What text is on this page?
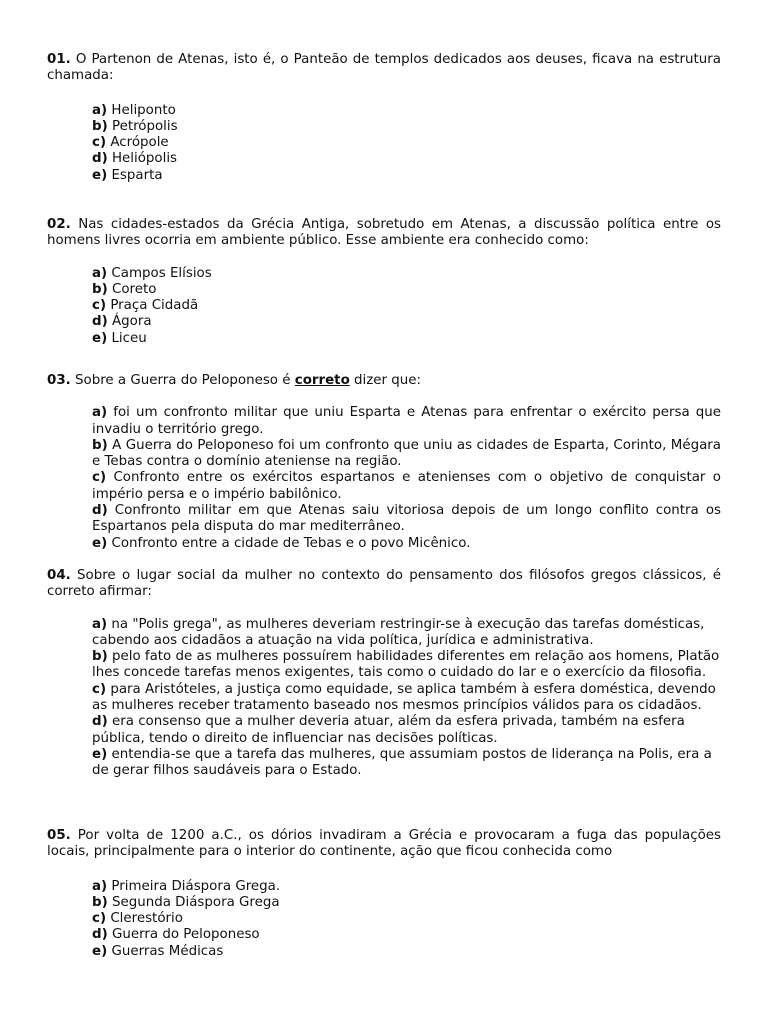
01. O Partenon de Atenas, isto é, o Panteão de templos dedicados aos deuses, ficava na estrutura chamada:

a) Heliponto
b) Petrópolis
c) Acrópole
d) Heliópolis
e) Esparta

02. Nas cidades-estados da Grécia Antiga, sobretudo em Atenas, a discussão política entre os homens livres ocorria em ambiente público. Esse ambiente era conhecido como:

a) Campos Elísios
b) Coreto
c) Praça Cidadã
d) Ágora
e) Liceu

03. Sobre a Guerra do Peloponeso é correto dizer que:

a) foi um confronto militar que uniu Esparta e Atenas para enfrentar o exército persa que invadiu o território grego.
b) A Guerra do Peloponeso foi um confronto que uniu as cidades de Esparta, Corinto, Mégara e Tebas contra o domínio ateniense na região.
c) Confronto entre os exércitos espartanos e atenienses com o objetivo de conquistar o império persa e o império babilônico.
d) Confronto militar em que Atenas saiu vitoriosa depois de um longo conflito contra os Espartanos pela disputa do mar mediterrâneo.
e) Confronto entre a cidade de Tebas e o povo Micênico.

04. Sobre o lugar social da mulher no contexto do pensamento dos filósofos gregos clássicos, é correto afirmar:

a) na "Polis grega", as mulheres deveriam restringir-se à execução das tarefas domésticas, cabendo aos cidadãos a atuação na vida política, jurídica e administrativa.
b) pelo fato de as mulheres possuírem habilidades diferentes em relação aos homens, Platão lhes concede tarefas menos exigentes, tais como o cuidado do lar e o exercício da filosofia.
c) para Aristóteles, a justiça como equidade, se aplica também à esfera doméstica, devendo as mulheres receber tratamento baseado nos mesmos princípios válidos para os cidadãos.
d) era consenso que a mulher deveria atuar, além da esfera privada, também na esfera pública, tendo o direito de influenciar nas decisões políticas.
e) entendia-se que a tarefa das mulheres, que assumiam postos de liderança na Polis, era a de gerar filhos saudáveis para o Estado.

05. Por volta de 1200 a.C., os dórios invadiram a Grécia e provocaram a fuga das populações locais, principalmente para o interior do continente, ação que ficou conhecida como

a) Primeira Diáspora Grega.
b) Segunda Diáspora Grega
c) Clerestório
d) Guerra do Peloponeso
e) Guerras Médicas
